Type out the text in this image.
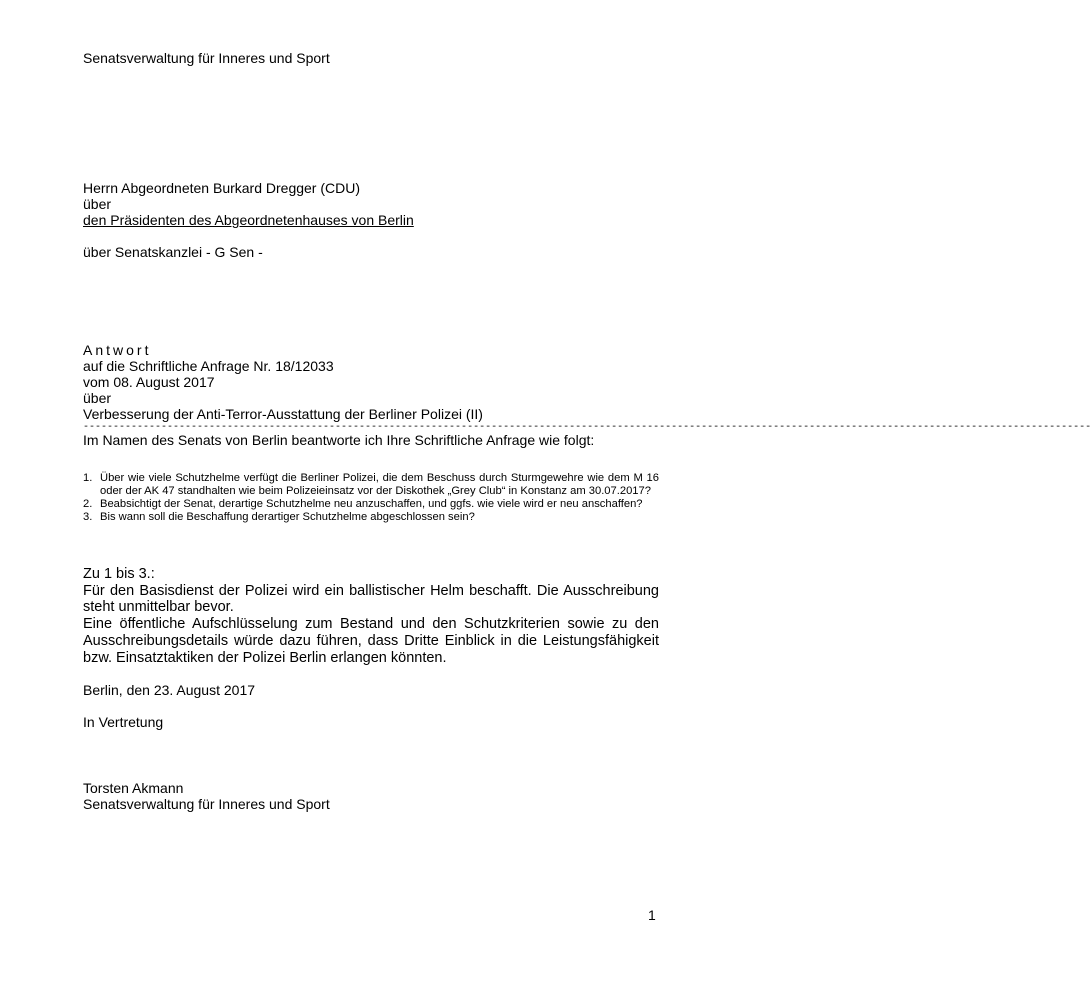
Senatsverwaltung für Inneres und Sport
Herrn Abgeordneten Burkard Dregger (CDU)
über
den Präsidenten des Abgeordnetenhauses von Berlin
über Senatskanzlei - G Sen -
Antwort
auf die Schriftliche Anfrage Nr. 18/12033
vom 08. August 2017
über
Verbesserung der Anti-Terror-Ausstattung der Berliner Polizei (II)
------------------------------------------------------------------------------------------------------------------------------------------------------------------------
Im Namen des Senats von Berlin beantworte ich Ihre Schriftliche Anfrage wie folgt:
1. Über wie viele Schutzhelme verfügt die Berliner Polizei, die dem Beschuss durch Sturmgewehre wie dem M 16 oder der AK 47 standhalten wie beim Polizeieinsatz vor der Diskothek „Grey Club“ in Konstanz am 30.07.2017?
2. Beabsichtigt der Senat, derartige Schutzhelme neu anzuschaffen, und ggfs. wie viele wird er neu anschaffen?
3. Bis wann soll die Beschaffung derartiger Schutzhelme abgeschlossen sein?

Zu 1 bis 3.:

Für den Basisdienst der Polizei wird ein ballistischer Helm beschafft. Die Ausschreibung steht unmittelbar bevor.

Eine öffentliche Aufschlüsselung zum Bestand und den Schutzkriterien sowie zu den Ausschreibungsdetails würde dazu führen, dass Dritte Einblick in die Leistungsfähigkeit bzw. Einsatztaktiken der Polizei Berlin erlangen könnten.

Berlin, den 23. August 2017
In Vertretung
Torsten Akmann
Senatsverwaltung für Inneres und Sport
1
